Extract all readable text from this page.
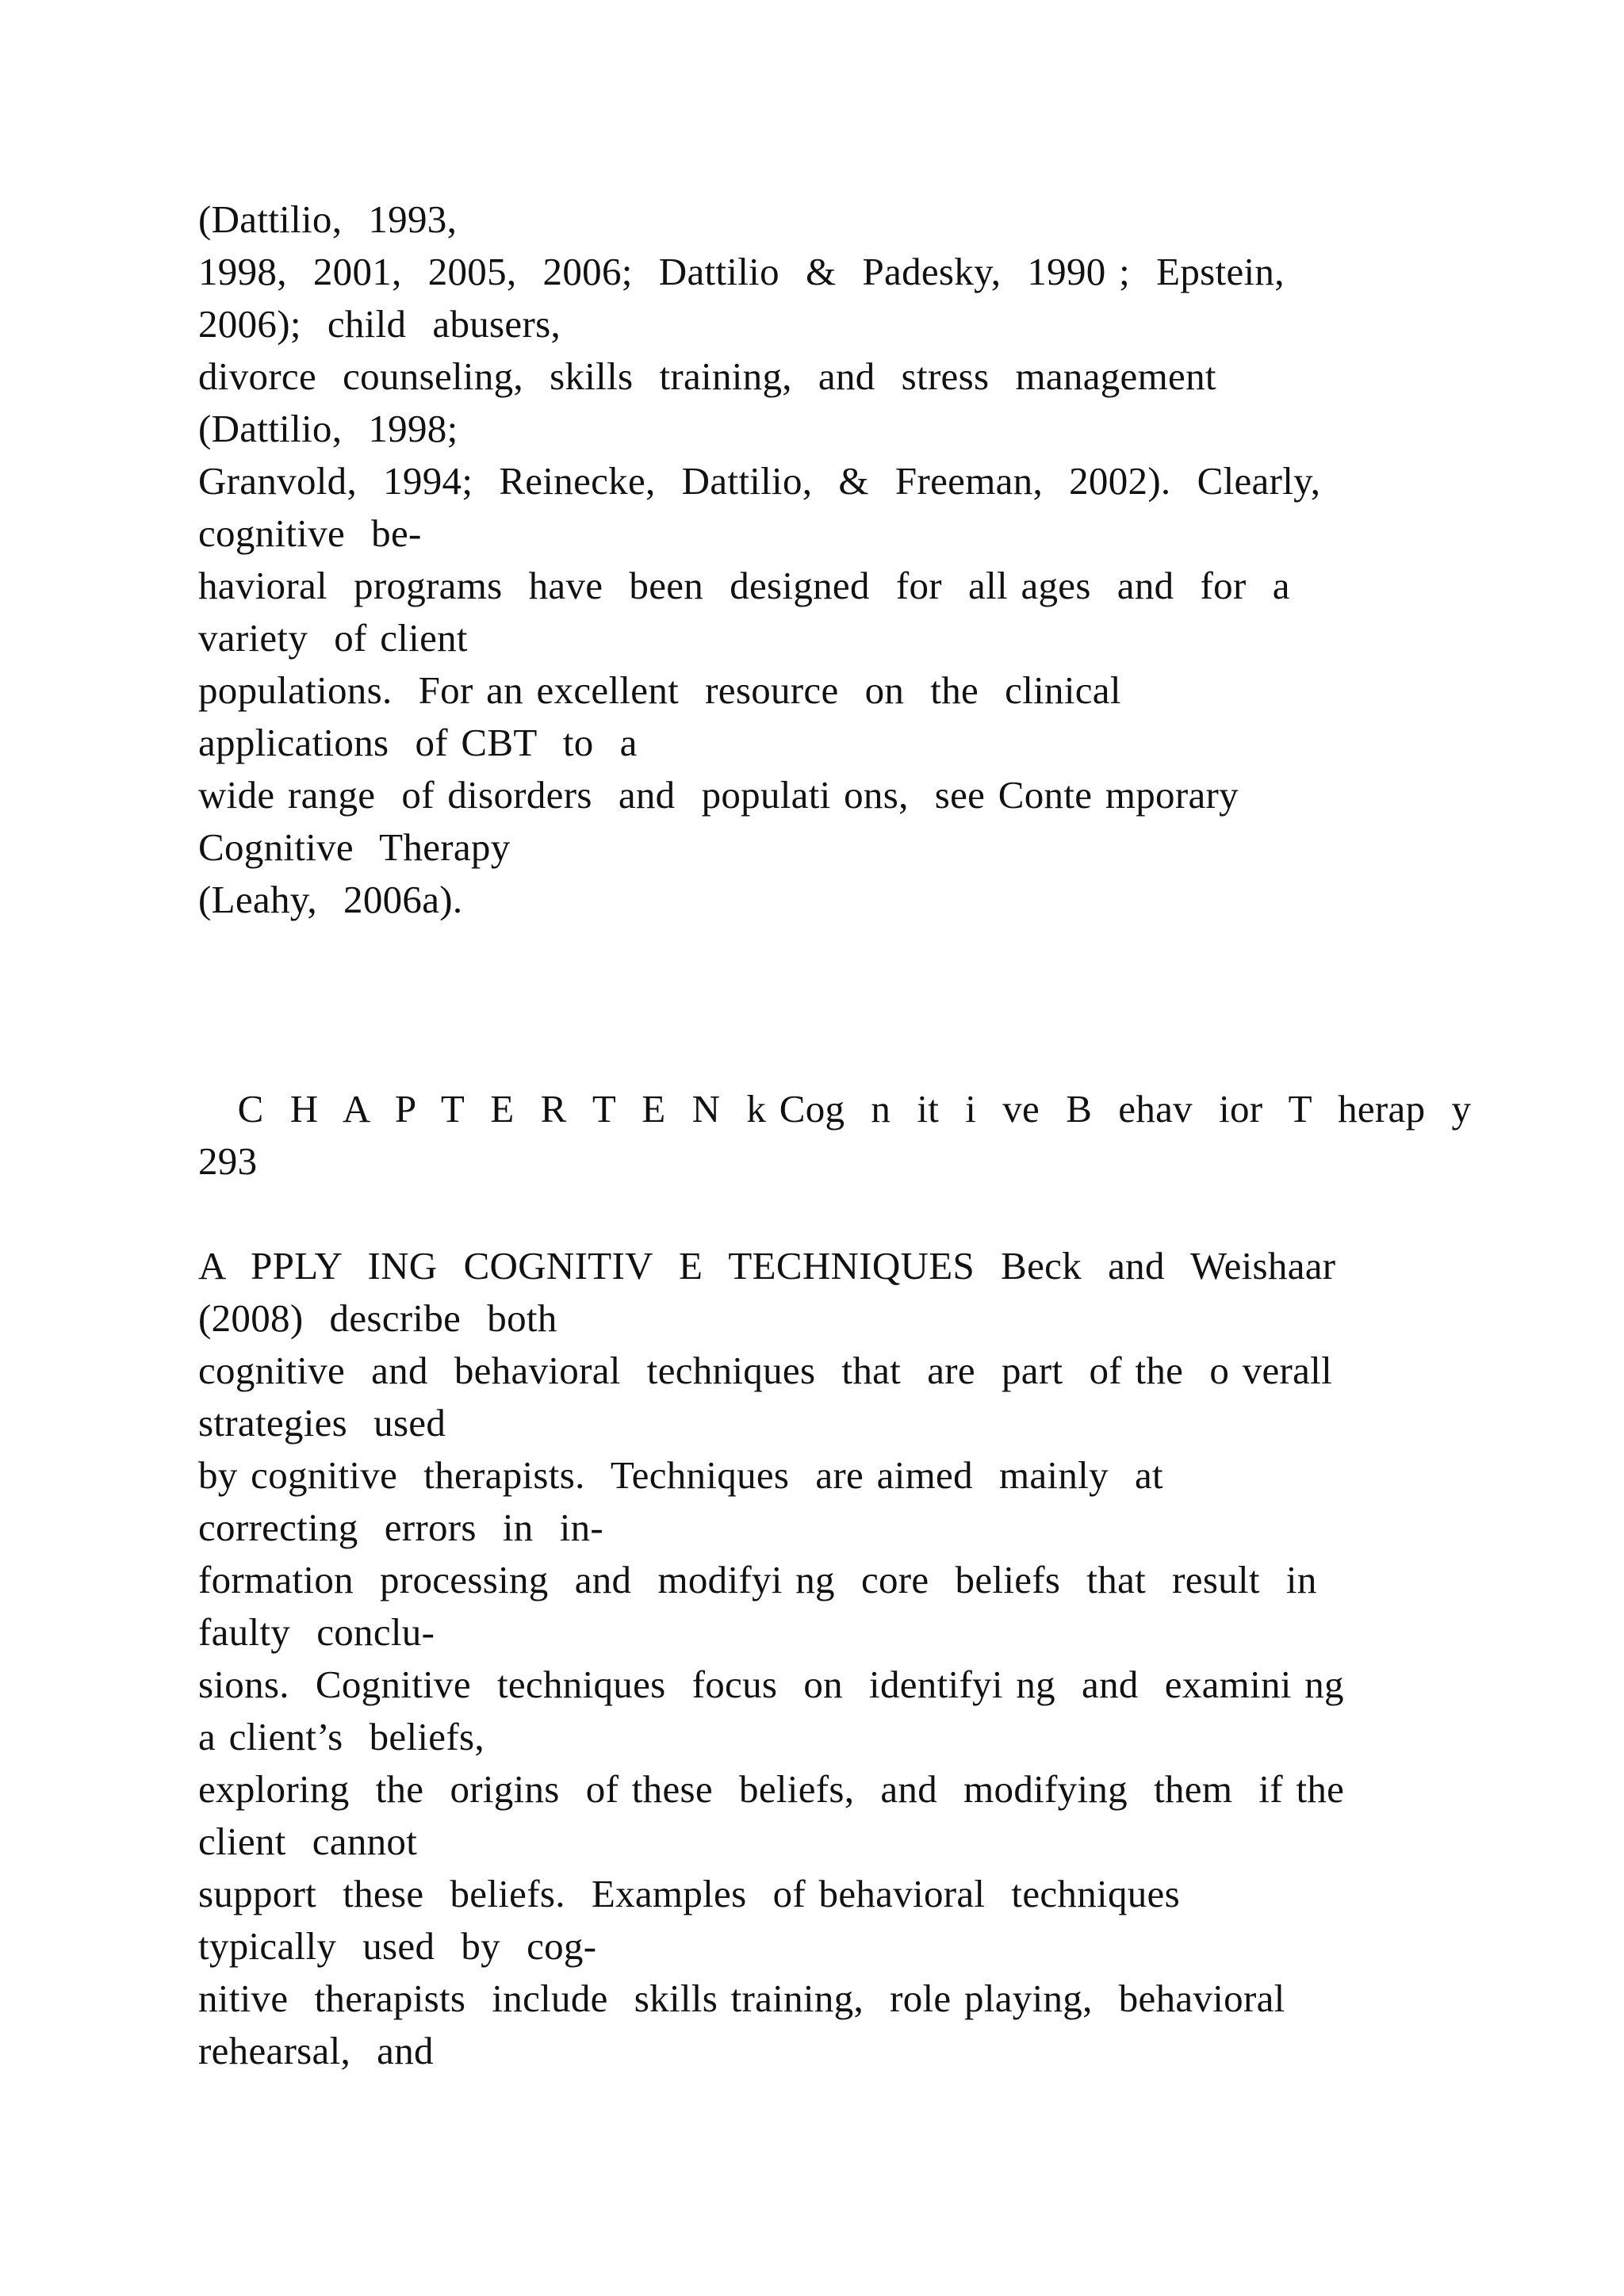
(Dattilio,  1993,
1998,  2001,  2005,  2006;  Dattilio  &  Padesky,  1990 ;  Epstein,
2006);  child  abusers,
divorce  counseling,  skills  training,  and  stress  management
(Dattilio,  1998;
Granvold,  1994;  Reinecke,  Dattilio,  &  Freeman,  2002).  Clearly,
cognitive  be-
havioral  programs  have  been  designed  for  all ages  and  for  a
variety  of client
populations.  For an excellent  resource  on  the  clinical
applications  of CBT  to  a
wide range  of disorders  and  populati ons,  see Conte mporary
Cognitive  Therapy
(Leahy,  2006a).
C  H  A  P  T  E  R  T  E  N  k Cog  n  it  i  ve  B  ehav  ior  T  herap  y
293
A  PPLY  ING  COGNITIV  E  TECHNIQUES  Beck  and  Weishaar
(2008)  describe  both
cognitive  and  behavioral  techniques  that  are  part  of the  o verall
strategies  used
by cognitive  therapists.  Techniques  are aimed  mainly  at
correcting  errors  in  in-
formation  processing  and  modifyi ng  core  beliefs  that  result  in
faulty  conclu-
sions.  Cognitive  techniques  focus  on  identifyi ng  and  examini ng
a client’s  beliefs,
exploring  the  origins  of these  beliefs,  and  modifying  them  if the
client  cannot
support  these  beliefs.  Examples  of behavioral  techniques
typically  used  by  cog-
nitive  therapists  include  skills training,  role playing,  behavioral
rehearsal,  and
